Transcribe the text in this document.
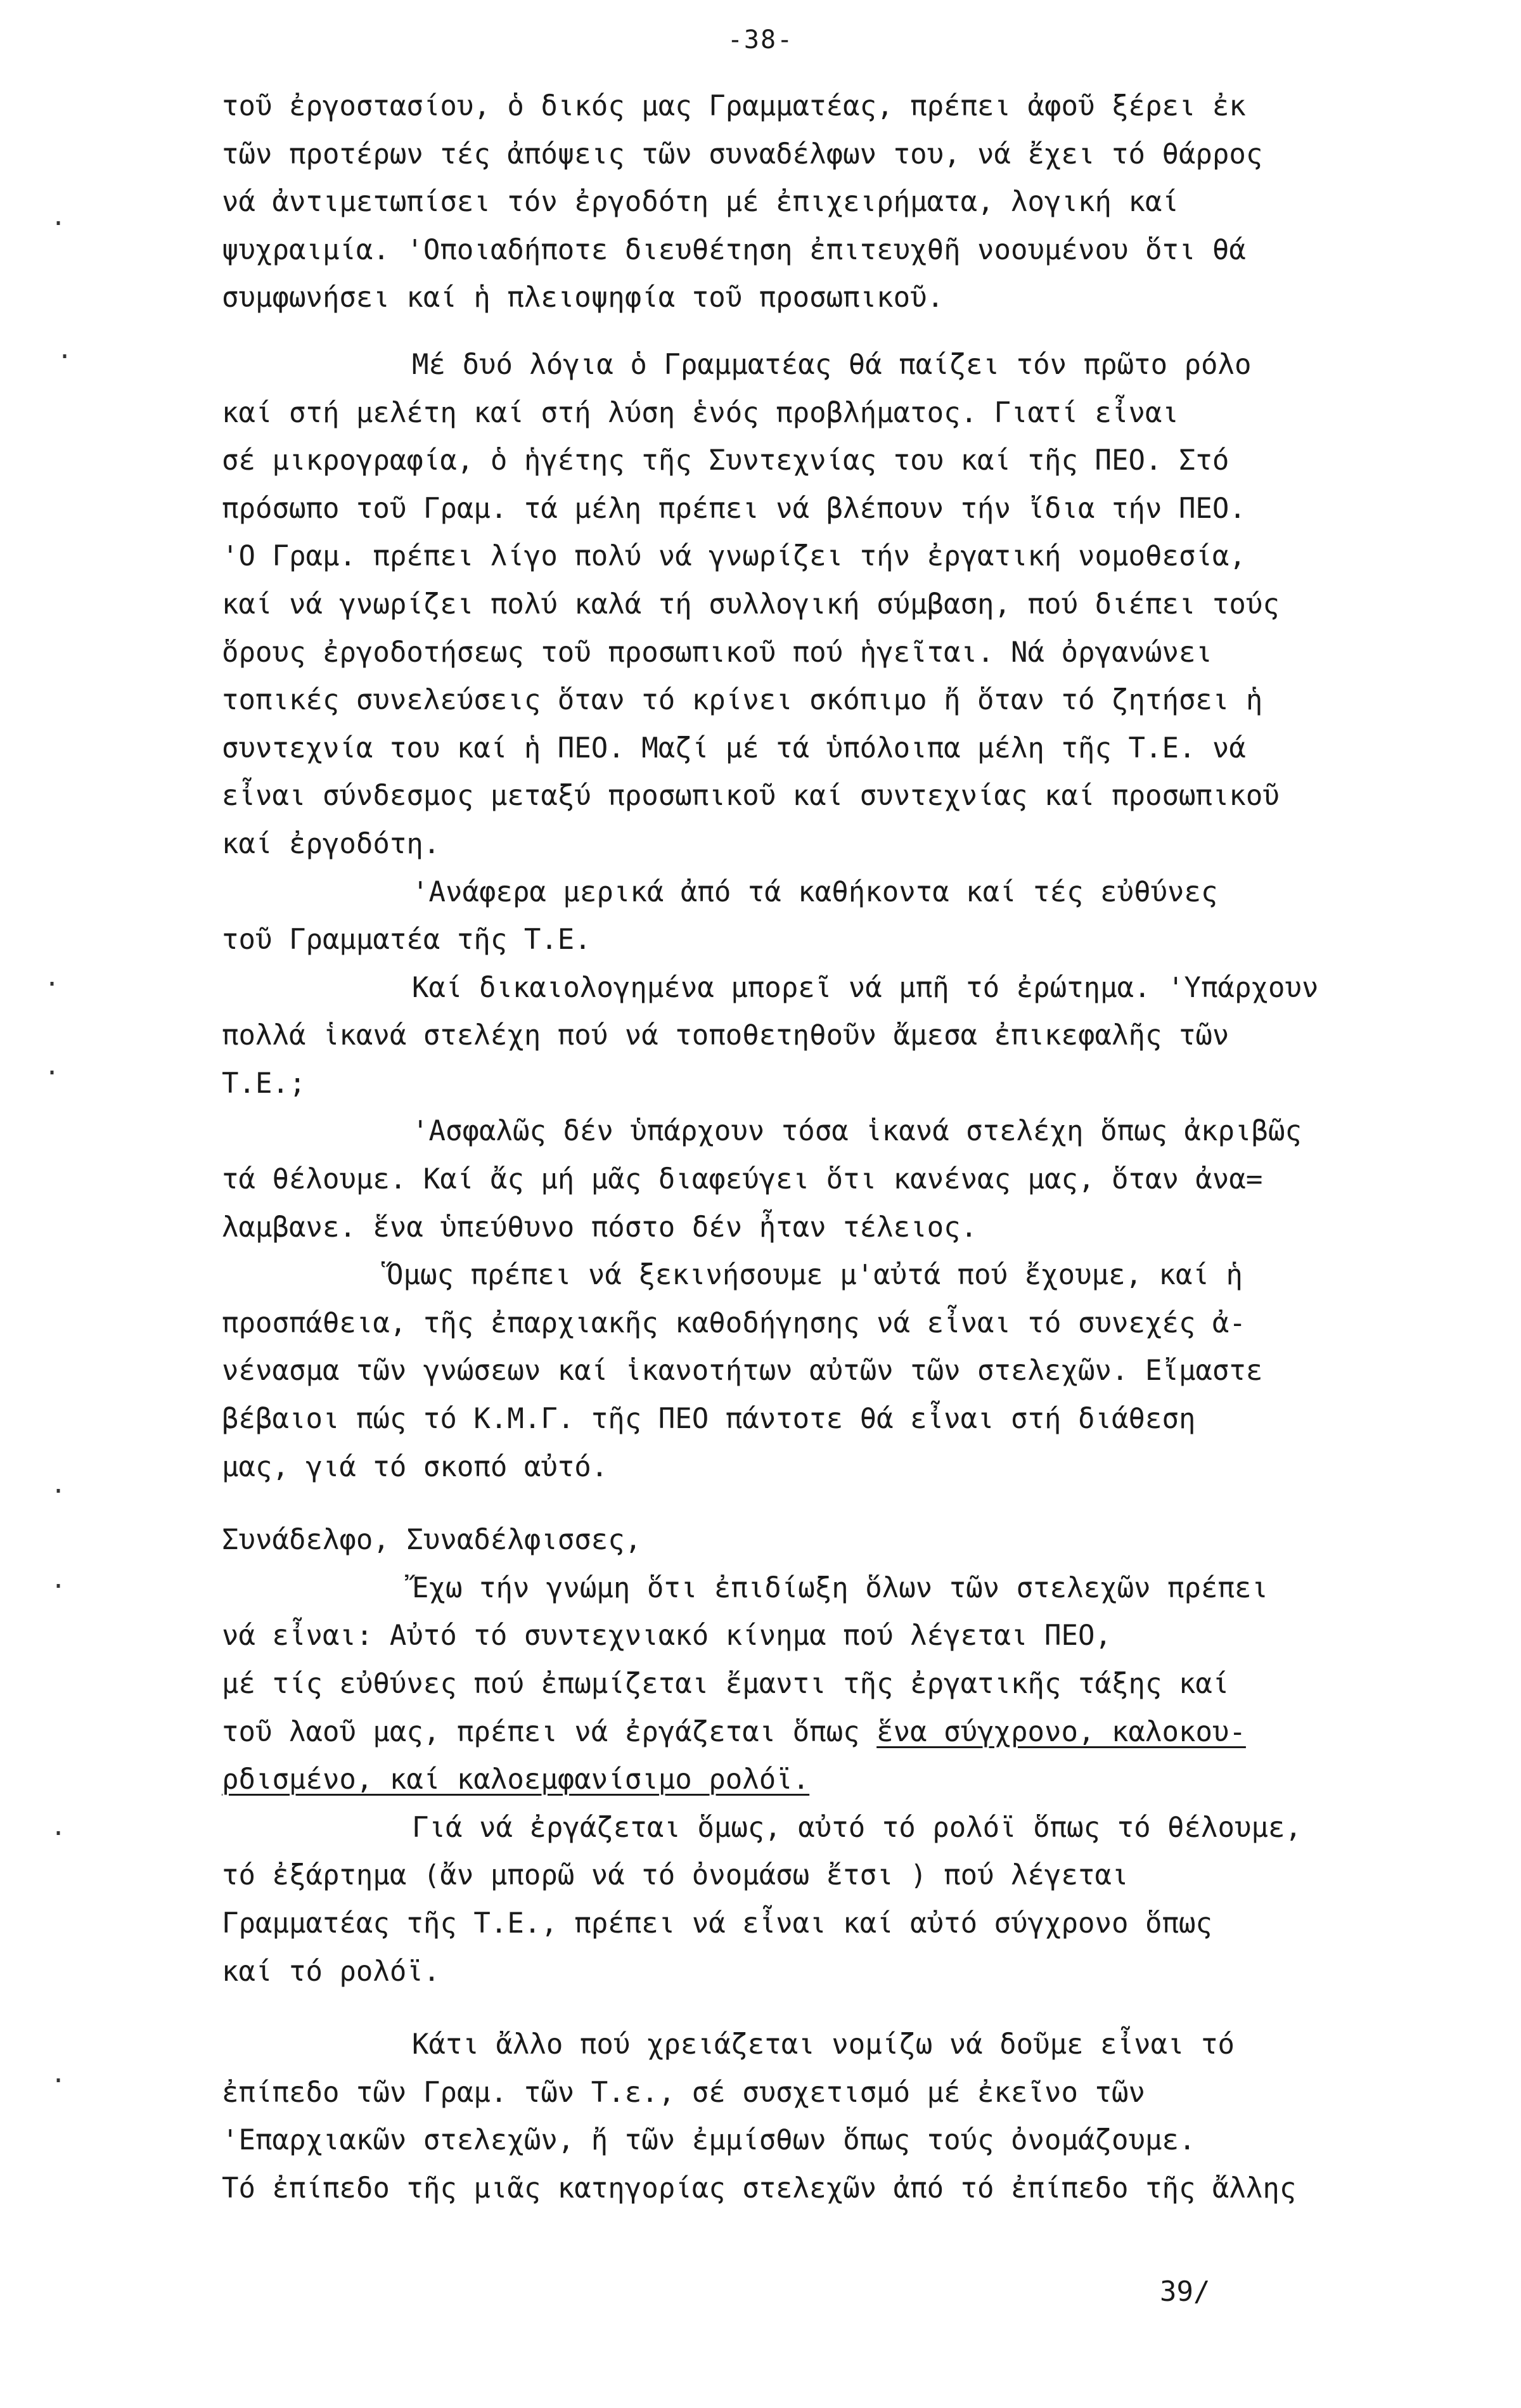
-38-
·
·
·
·
·
·
·
·
τοῦ ἐργοστασίου, ὁ δικός μας Γραμματέας, πρέπει ἀφοῦ ξέρει ἐκ
τῶν προτέρων τές ἀπόψεις τῶν συναδέλφων του, νά ἔχει τό θάρρος
νά ἀντιμετωπίσει τόν ἐργοδότη μέ ἐπιχειρήματα, λογική καί
ψυχραιμία. 'Οποιαδήποτε διευθέτηση ἐπιτευχθῆ νοουμένου ὅτι θά
συμφωνήσει καί ἡ πλειοψηφία τοῦ προσωπικοῦ.
Μέ δυό λόγια ὁ Γραμματέας θά παίζει τόν πρῶτο ρόλο
καί στή μελέτη καί στή λύση ἑνός προβλήματος. Γιατί εἶναι
σέ μικρογραφία, ὁ ἡγέτης τῆς Συντεχνίας του καί τῆς ΠΕΟ. Στό
πρόσωπο τοῦ Γραμ. τά μέλη πρέπει νά βλέπουν τήν ἴδια τήν ΠΕΟ.
'Ο Γραμ. πρέπει λίγο πολύ νά γνωρίζει τήν ἐργατική νομοθεσία,
καί νά γνωρίζει πολύ καλά τή συλλογική σύμβαση, πού διέπει τούς
ὅρους ἐργοδοτήσεως τοῦ προσωπικοῦ πού ἡγεῖται. Νά ὀργανώνει
τοπικές συνελεύσεις ὅταν τό κρίνει σκόπιμο ἤ ὅταν τό ζητήσει ἡ
συντεχνία του καί ἡ ΠΕΟ. Μαζί μέ τά ὑπόλοιπα μέλη τῆς Τ.Ε. νά
εἶναι σύνδεσμος μεταξύ προσωπικοῦ καί συντεχνίας καί προσωπικοῦ
καί ἐργοδότη.
'Ανάφερα μερικά ἀπό τά καθήκοντα καί τές εὐθύνες
τοῦ Γραμματέα τῆς Τ.Ε.
Καί δικαιολογημένα μπορεῖ νά μπῆ τό ἐρώτημα. 'Υπάρχουν
πολλά ἱκανά στελέχη πού νά τοποθετηθοῦν ἄμεσα ἐπικεφαλῆς τῶν
Τ.Ε.;
'Ασφαλῶς δέν ὑπάρχουν τόσα ἱκανά στελέχη ὅπως ἀκριβῶς
τά θέλουμε. Καί ἄς μή μᾶς διαφεύγει ὅτι κανένας μας, ὅταν ἀνα=
λαμβανε. ἕνα ὑπεύθυνο πόστο δέν ἦταν τέλειος.
Ὅμως πρέπει νά ξεκινήσουμε μ'αὐτά πού ἔχουμε, καί ἡ
προσπάθεια, τῆς ἐπαρχιακῆς καθοδήγησης νά εἶναι τό συνεχές ἀ-
νένασμα τῶν γνώσεων καί ἱκανοτήτων αὐτῶν τῶν στελεχῶν. Εἴμαστε
βέβαιοι πώς τό Κ.Μ.Γ. τῆς ΠΕΟ πάντοτε θά εἶναι στή διάθεση
μας, γιά τό σκοπό αὐτό.
Συνάδελφο, Συναδέλφισσες,
Ἔχω τήν γνώμη ὅτι ἐπιδίωξη ὅλων τῶν στελεχῶν πρέπει
νά εἶναι: Αὐτό τό συντεχνιακό κίνημα πού λέγεται ΠΕΟ,
μέ τίς εὐθύνες πού ἐπωμίζεται ἔμαντι τῆς ἐργατικῆς τάξης καί
τοῦ λαοῦ μας, πρέπει νά ἐργάζεται ὅπως ἕνα σύγχρονο, καλοκου-
ρδισμένο, καί καλοεμφανίσιμο ρολόϊ.
Γιά νά ἐργάζεται ὅμως, αὐτό τό ρολόϊ ὅπως τό θέλουμε,
τό ἐξάρτημα (ἄν μπορῶ νά τό ὀνομάσω ἔτσι ) πού λέγεται
Γραμματέας τῆς Τ.Ε., πρέπει νά εἶναι καί αὐτό σύγχρονο ὅπως
καί τό ρολόϊ.
Κάτι ἄλλο πού χρειάζεται νομίζω νά δοῦμε εἶναι τό
ἐπίπεδο τῶν Γραμ. τῶν Τ.ε., σέ συσχετισμό μέ ἐκεῖνο τῶν
'Επαρχιακῶν στελεχῶν, ἤ τῶν ἐμμίσθων ὅπως τούς ὀνομάζουμε.
Τό ἐπίπεδο τῆς μιᾶς κατηγορίας στελεχῶν ἀπό τό ἐπίπεδο τῆς ἄλλης
39/
